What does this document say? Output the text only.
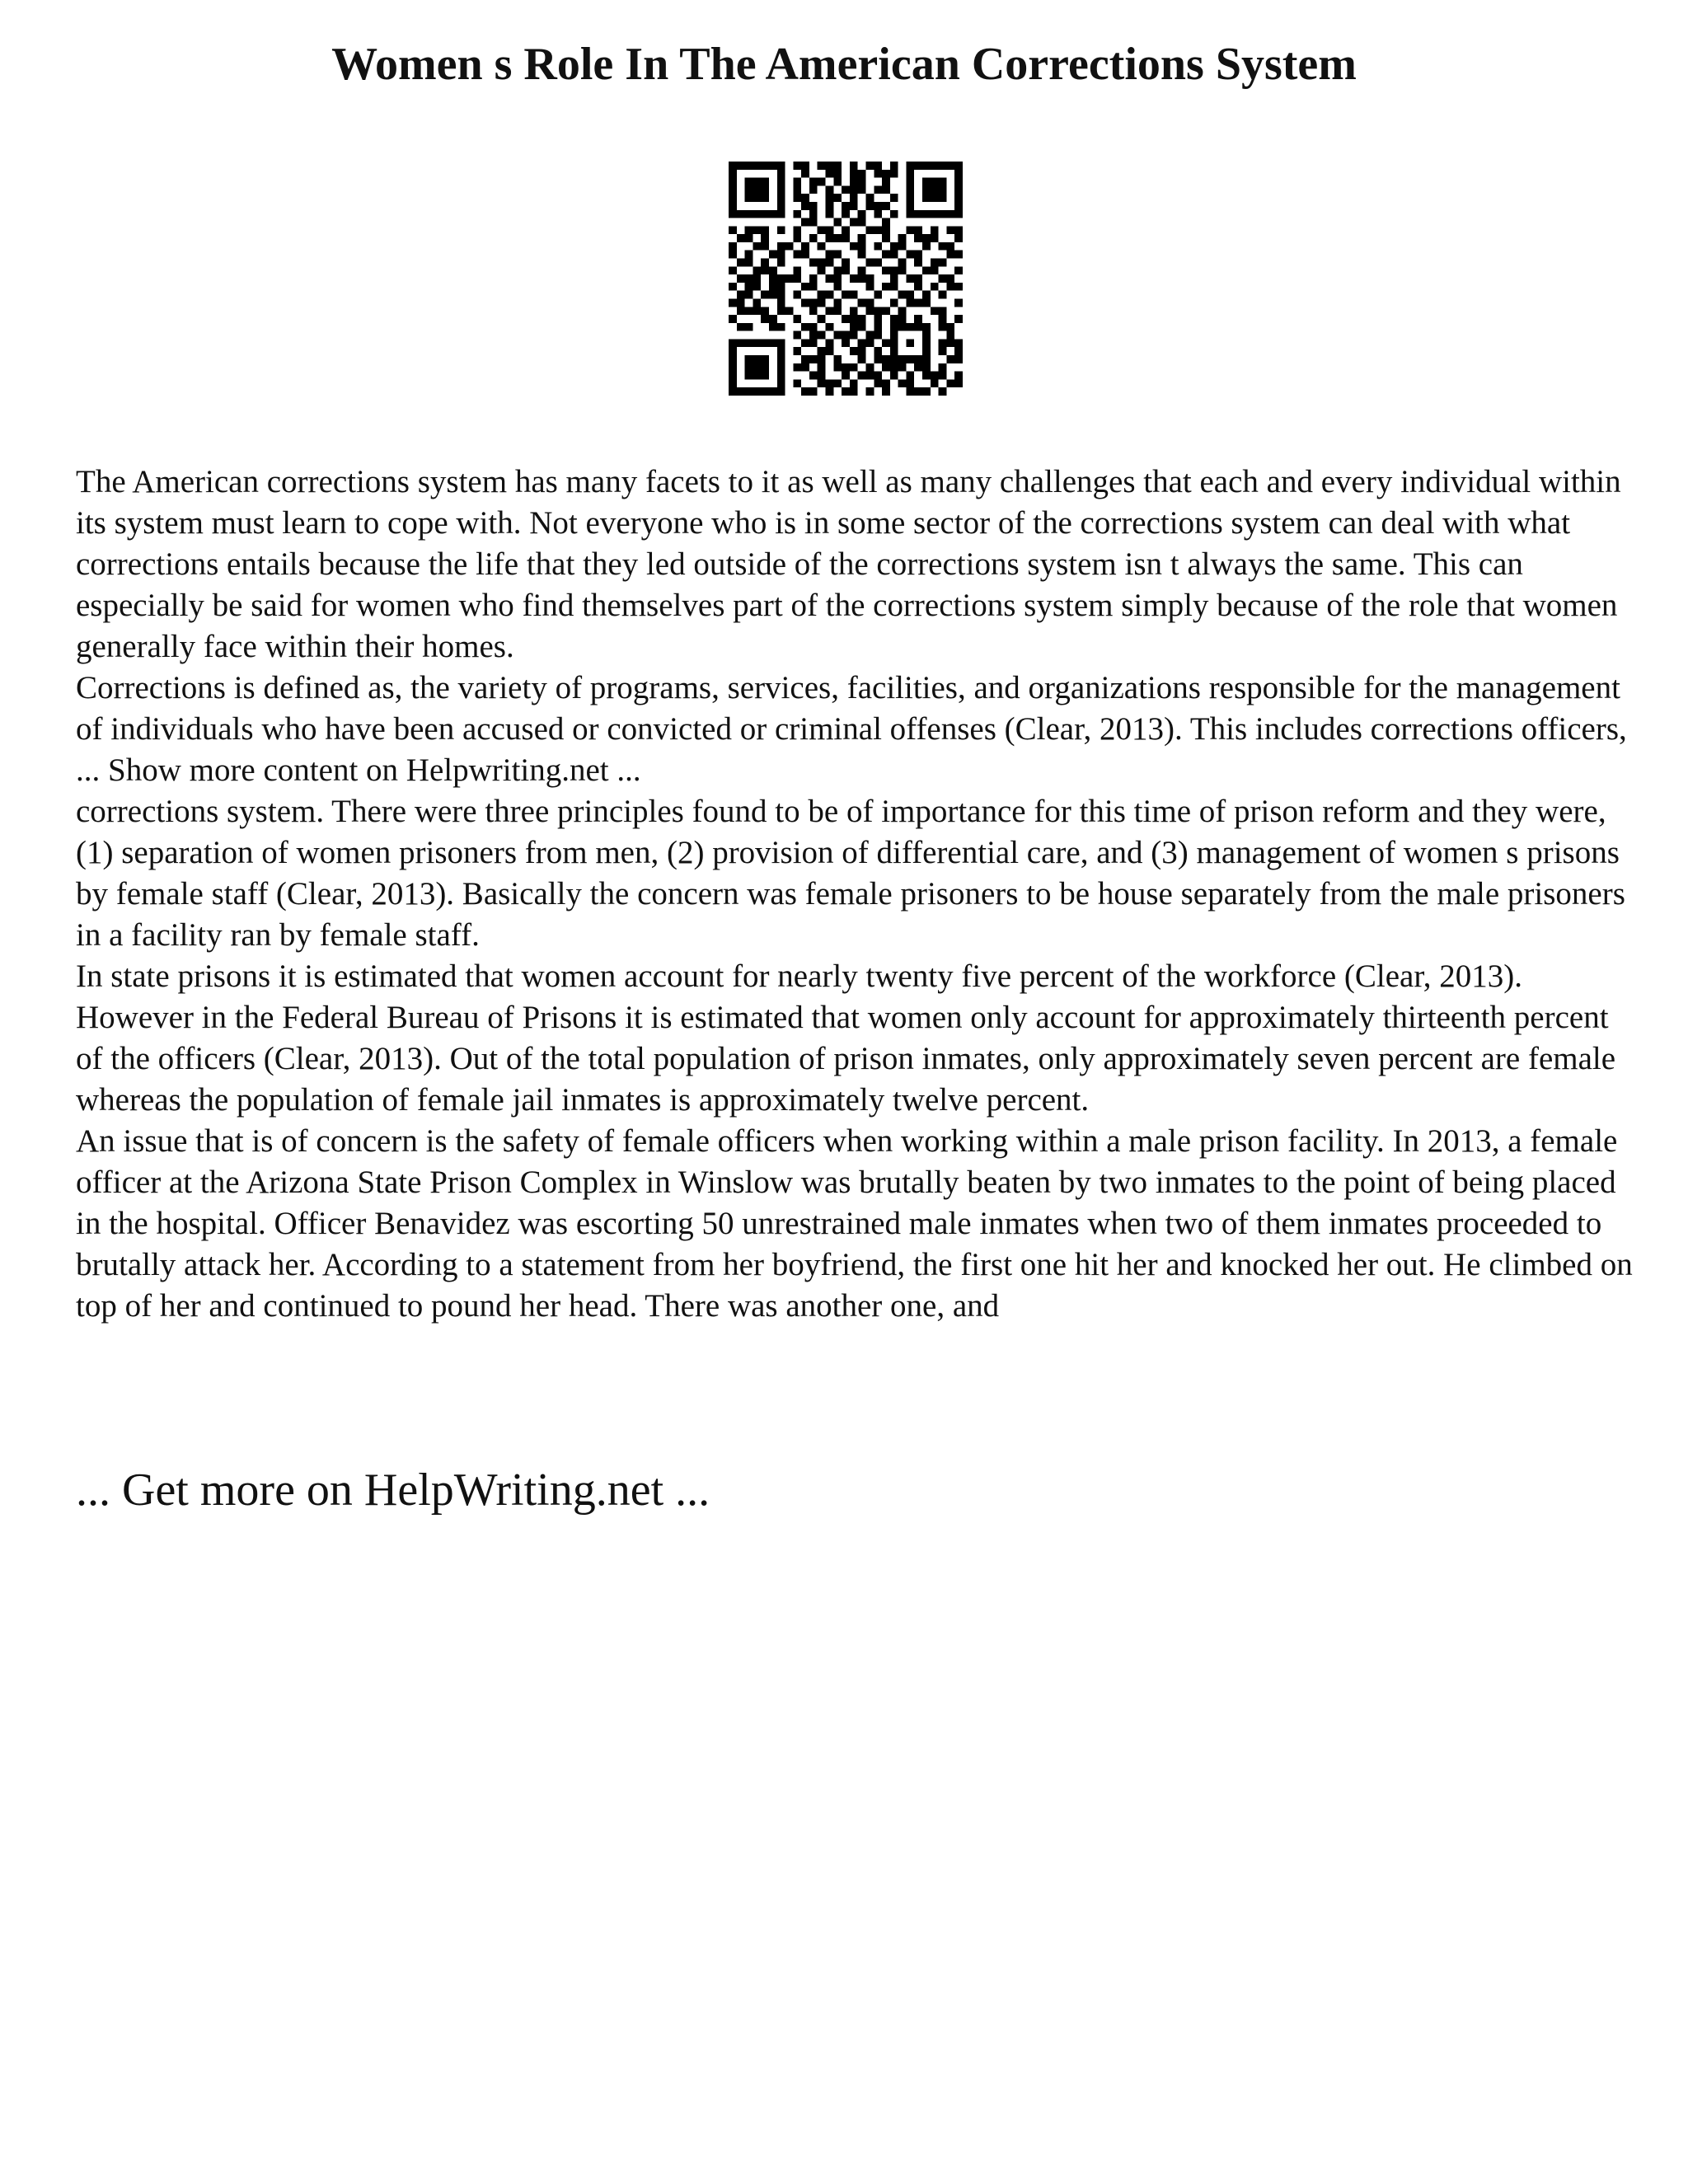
Women s Role In The American Corrections System

The American corrections system has many facets to it as well as many challenges that each and every individual within its system must learn to cope with. Not everyone who is in some sector of the corrections system can deal with what corrections entails because the life that they led outside of the corrections system isn t always the same. This can especially be said for women who find themselves part of the corrections system simply because of the role that women generally face within their homes.

Corrections is defined as, the variety of programs, services, facilities, and organizations responsible for the management of individuals who have been accused or convicted or criminal offenses (Clear, 2013). This includes corrections officers, ... Show more content on Helpwriting.net ...

corrections system. There were three principles found to be of importance for this time of prison reform and they were, (1) separation of women prisoners from men, (2) provision of differential care, and (3) management of women s prisons by female staff (Clear, 2013). Basically the concern was female prisoners to be house separately from the male prisoners in a facility ran by female staff.

In state prisons it is estimated that women account for nearly twenty five percent of the workforce (Clear, 2013). However in the Federal Bureau of Prisons it is estimated that women only account for approximately thirteenth percent of the officers (Clear, 2013). Out of the total population of prison inmates, only approximately seven percent are female whereas the population of female jail inmates is approximately twelve percent.

An issue that is of concern is the safety of female officers when working within a male prison facility. In 2013, a female officer at the Arizona State Prison Complex in Winslow was brutally beaten by two inmates to the point of being placed in the hospital. Officer Benavidez was escorting 50 unrestrained male inmates when two of them inmates proceeded to brutally attack her. According to a statement from her boyfriend, the first one hit her and knocked her out. He climbed on top of her and continued to pound her head. There was another one, and

... Get more on HelpWriting.net ...
